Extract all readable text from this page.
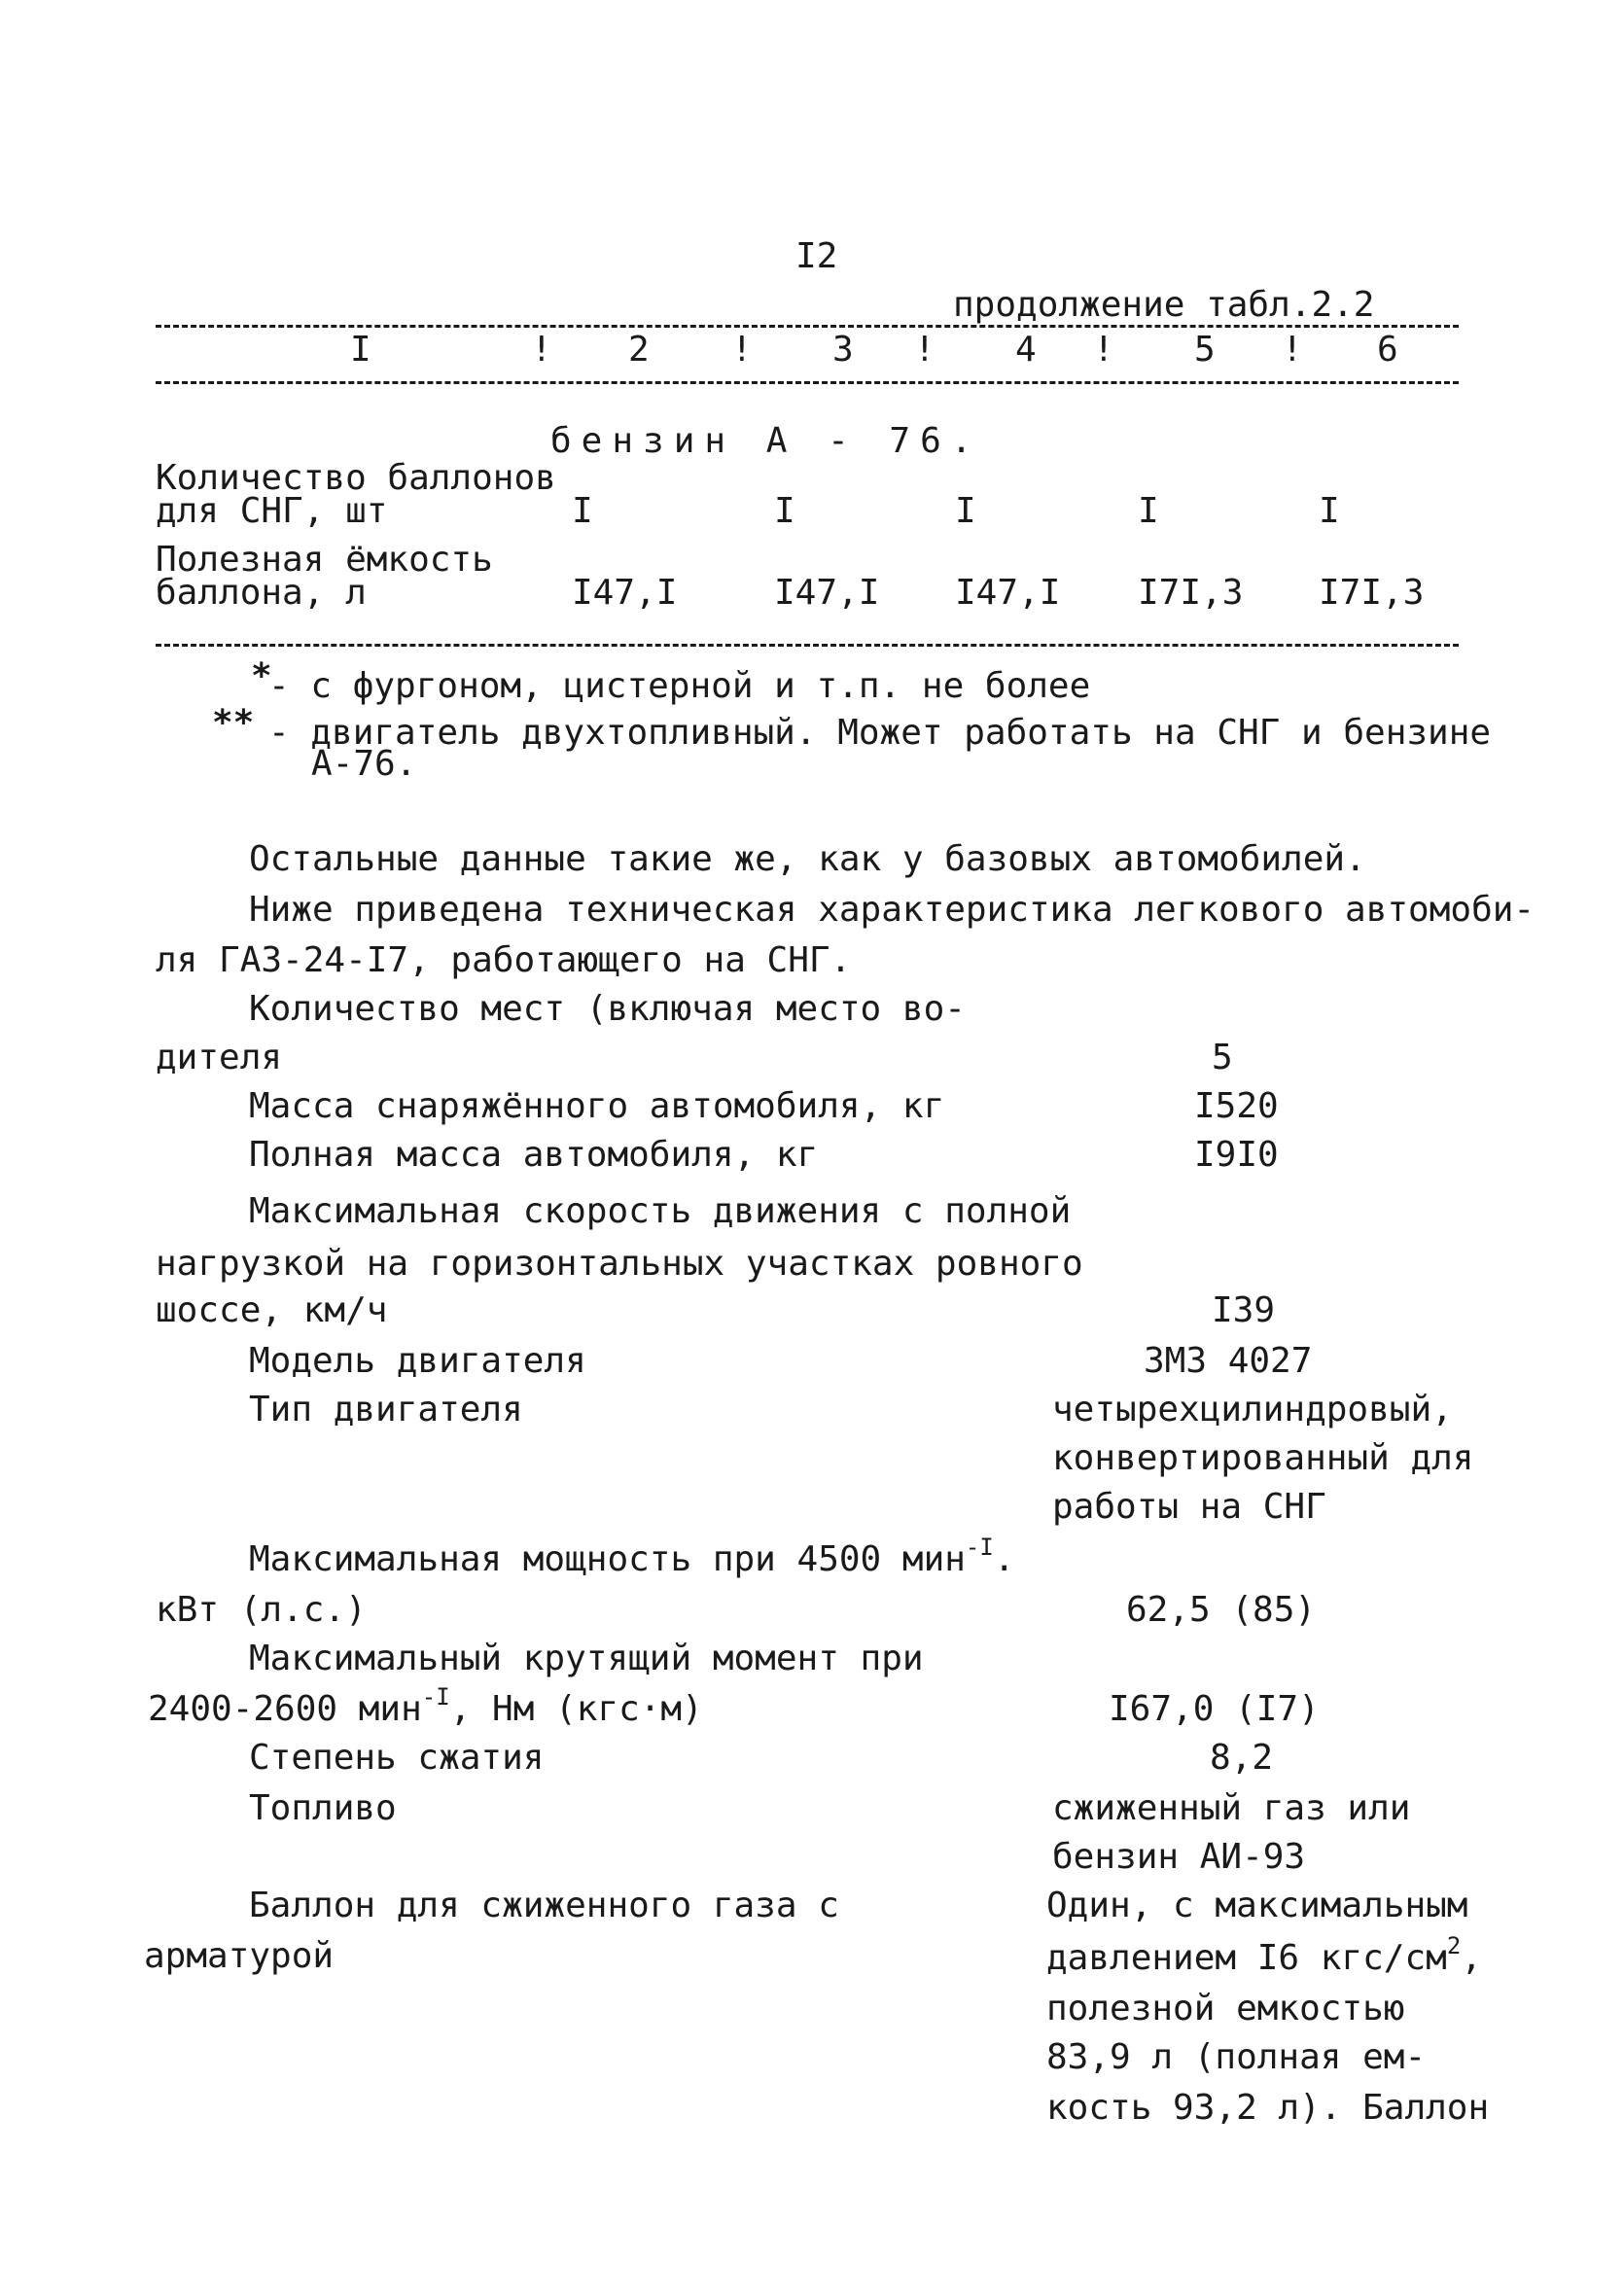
I2
продолжение табл.2.2
I	! 2 ! 3 ! 4 ! 5 ! 6
бензин А - 76.
Количество баллонов
для СНГ, шт	I	I	I	I	I
Полезная ёмкость
баллона, л	I47,I	I47,I I47,I I7I,3 I7I,3
*
- с фургоном, цистерной и т.п. не более
** - двигатель двухтопливный. Может работать на СНГ и бензине
А-76.
Остальные данные такие же, как у базовых автомобилей.
Ниже приведена техническая характеристика легкового автомоби-
ля ГАЗ-24-I7, работающего на СНГ.
Количество мест (включая место во-
дителя	5
Масса снаряжённого автомобиля, кг	I520
Полная масса автомобиля, кг	I9I0
Максимальная скорость движения с полной
нагрузкой на горизонтальных участках ровного
шоссе, км/ч	I39
Модель двигателя	ЗМЗ 4027
Тип двигателя	четырехцилиндровый,
конвертированный для
работы на СНГ
Максимальная мощность при 4500 мин$^{-I}$.
кВт (л.с.)	62,5 (85)
Максимальный крутящий момент при
2400-2600 мин$^{-I}$, Нм (кгс·м)	I67,0 (I7)
Степень сжатия	8,2
Топливо	сжиженный газ или
бензин АИ-93
Баллон для сжиженного газа с
арматурой
Один, с максимальным
давлением I6 кгс/$см^2$,
полезной емкостью
83,9 л (полная ем-
кость 93,2 л). Баллон
